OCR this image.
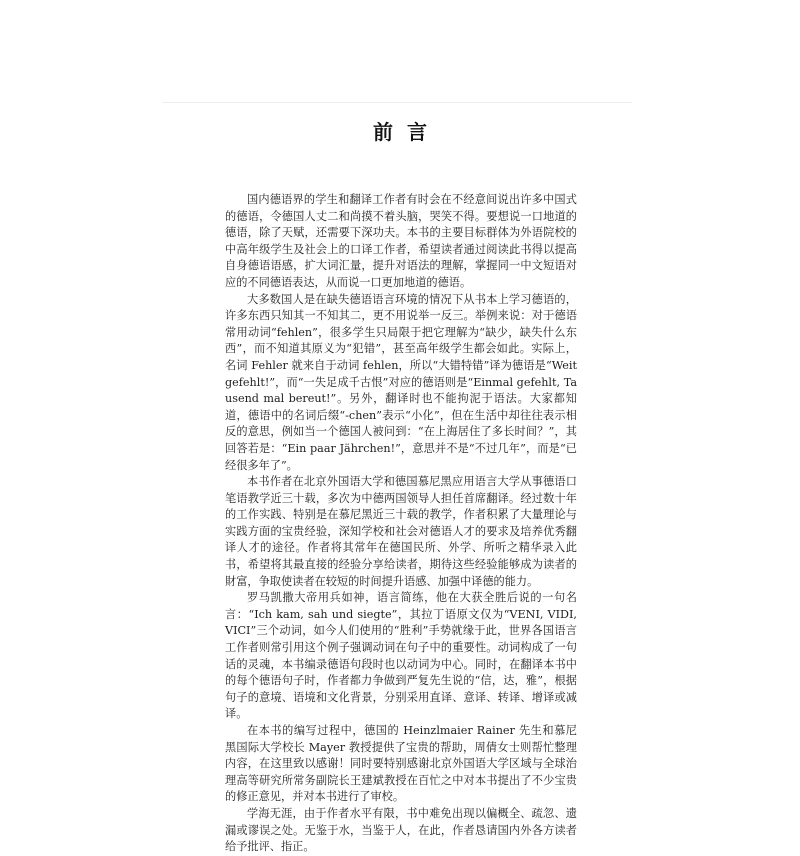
前言

国内德语界的学生和翻译工作者有时会在不经意间说出许多中国式的德语，令德国人丈二和尚摸不着头脑，哭笑不得。要想说一口地道的德语，除了天赋，还需要下深功夫。本书的主要目标群体为外语院校的中高年级学生及社会上的口译工作者，希望读者通过阅读此书得以提高自身德语语感，扩大词汇量，提升对语法的理解，掌握同一中文短语对应的不同德语表达，从而说一口更加地道的德语。

大多数国人是在缺失德语语言环境的情况下从书本上学习德语的，许多东西只知其一不知其二，更不用说举一反三。举例来说：对于德语常用动词“fehlen”，很多学生只局限于把它理解为“缺少，缺失什么东西”，而不知道其原义为“犯错”，甚至高年级学生都会如此。实际上，名词 Fehler 就来自于动词 fehlen，所以“大错特错”译为德语是“Weit gefehlt!”，而“一失足成千古恨”对应的德语则是“Einmal gefehlt, Tausend mal bereut!”。另外，翻译时也不能拘泥于语法。大家都知道，德语中的名词后缀“-chen”表示“小化”，但在生活中却往往表示相反的意思，例如当一个德国人被问到：“在上海居住了多长时间？”，其回答若是：“Ein paar Jährchen!”，意思并不是“不过几年”，而是“已经很多年了”。

本书作者在北京外国语大学和德国慕尼黑应用语言大学从事德语口笔语教学近三十载，多次为中德两国领导人担任首席翻译。经过数十年的工作实践、特别是在慕尼黑近三十载的教学，作者积累了大量理论与实践方面的宝贵经验，深知学校和社会对德语人才的要求及培养优秀翻译人才的途径。作者将其常年在德国民所、外学、所听之精华录入此书，希望将其最直接的经验分享给读者，期待这些经验能够成为读者的財富，争取使读者在较短的时间提升语感、加强中译德的能力。

罗马凯撒大帝用兵如神，语言简练，他在大获全胜后说的一句名言：“Ich kam, sah und siegte”，其拉丁语原文仅为“VENI, VIDI, VICI”三个动词，如今人们使用的“胜利”手势就缘于此，世界各国语言工作者则常引用这个例子强调动词在句子中的重要性。动词构成了一句话的灵魂，本书编录德语句段时也以动词为中心。同时，在翻译本书中的每个德语句子时，作者都力争做到严复先生说的“信，达，雅”，根据句子的意境、语境和文化背景，分别采用直译、意译、转译、增译或减译。

在本书的编写过程中，德国的 Heinzlmaier Rainer 先生和慕尼黑国际大学校长 Mayer 教授提供了宝贵的帮助，周倩女士则帮忙整理内容，在这里致以感谢！同时要特别感谢北京外国语大学区域与全球治理高等研究所常务副院长王建斌教授在百忙之中对本书提出了不少宝贵的修正意见，并对本书进行了审校。

学海无涯，由于作者水平有限，书中难免出现以偏概全、疏忽、遗漏或谬误之处。无鉴于水，当鉴于人，在此，作者恳请国内外各方读者给予批评、指正。
